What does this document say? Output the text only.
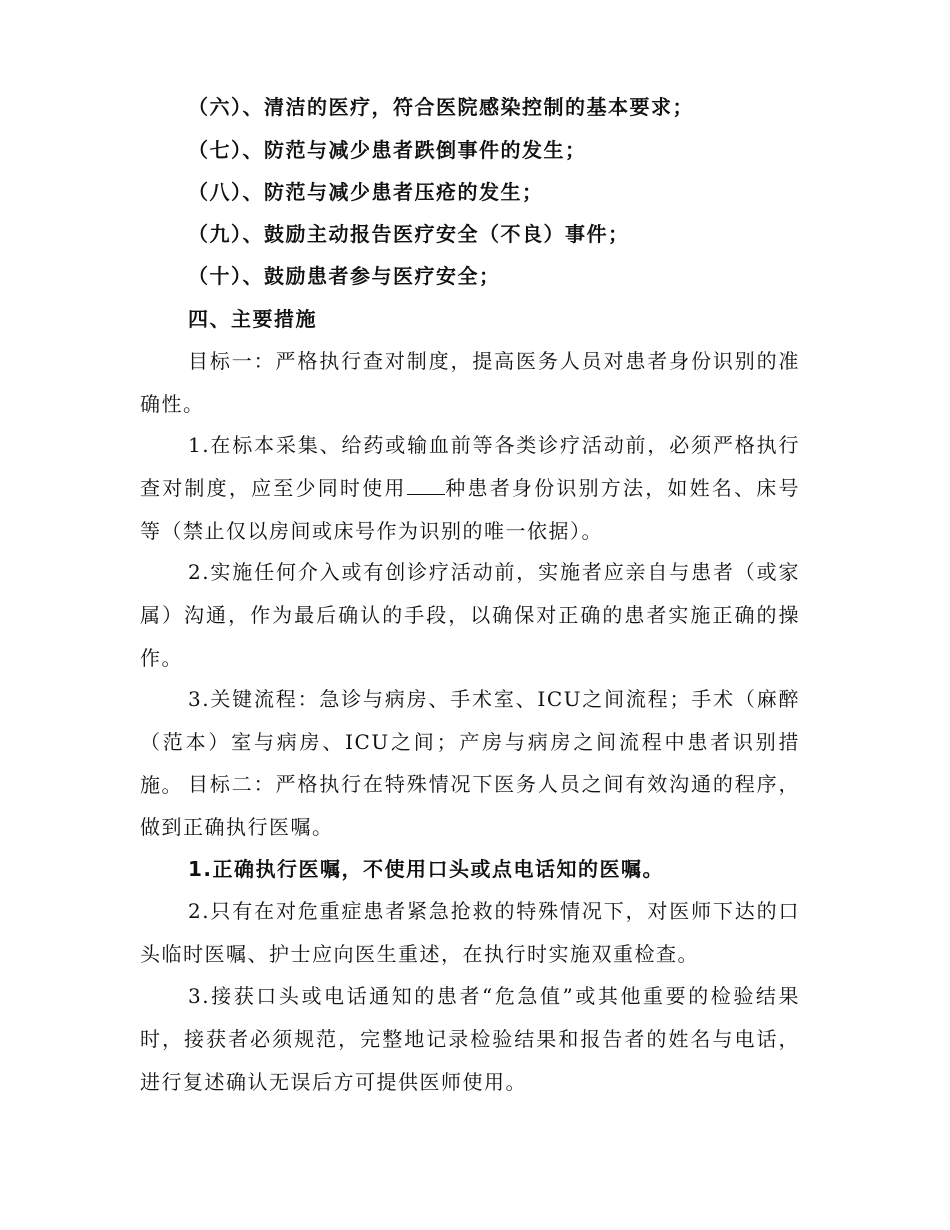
（六）、清洁的医疗，符合医院感染控制的基本要求；

（七）、防范与减少患者跌倒事件的发生；

（八）、防范与减少患者压疮的发生；

（九）、鼓励主动报告医疗安全（不良）事件；

（十）、鼓励患者参与医疗安全；

四、主要措施

目标一：严格执行查对制度，提高医务人员对患者身份识别的准确性。

1.在标本采集、给药或输血前等各类诊疗活动前，必须严格执行查对制度，应至少同时使用 种患者身份识别方法，如姓名、床号等（禁止仅以房间或床号作为识别的唯一依据）。

2.实施任何介入或有创诊疗活动前，实施者应亲自与患者（或家属）沟通，作为最后确认的手段，以确保对正确的患者实施正确的操作。

3.关键流程：急诊与病房、手术室、ICU之间流程；手术（麻醉（范本）室与病房、ICU之间；产房与病房之间流程中患者识别措施。 目标二：严格执行在特殊情况下医务人员之间有效沟通的程序，做到正确执行医嘱。

1.正确执行医嘱，不使用口头或点电话知的医嘱。

2.只有在对危重症患者紧急抢救的特殊情况下，对医师下达的口头临时医嘱、护士应向医生重述，在执行时实施双重检查。

3.接获口头或电话通知的患者“危急值”或其他重要的检验结果时，接获者必须规范，完整地记录检验结果和报告者的姓名与电话，进行复述确认无误后方可提供医师使用。
